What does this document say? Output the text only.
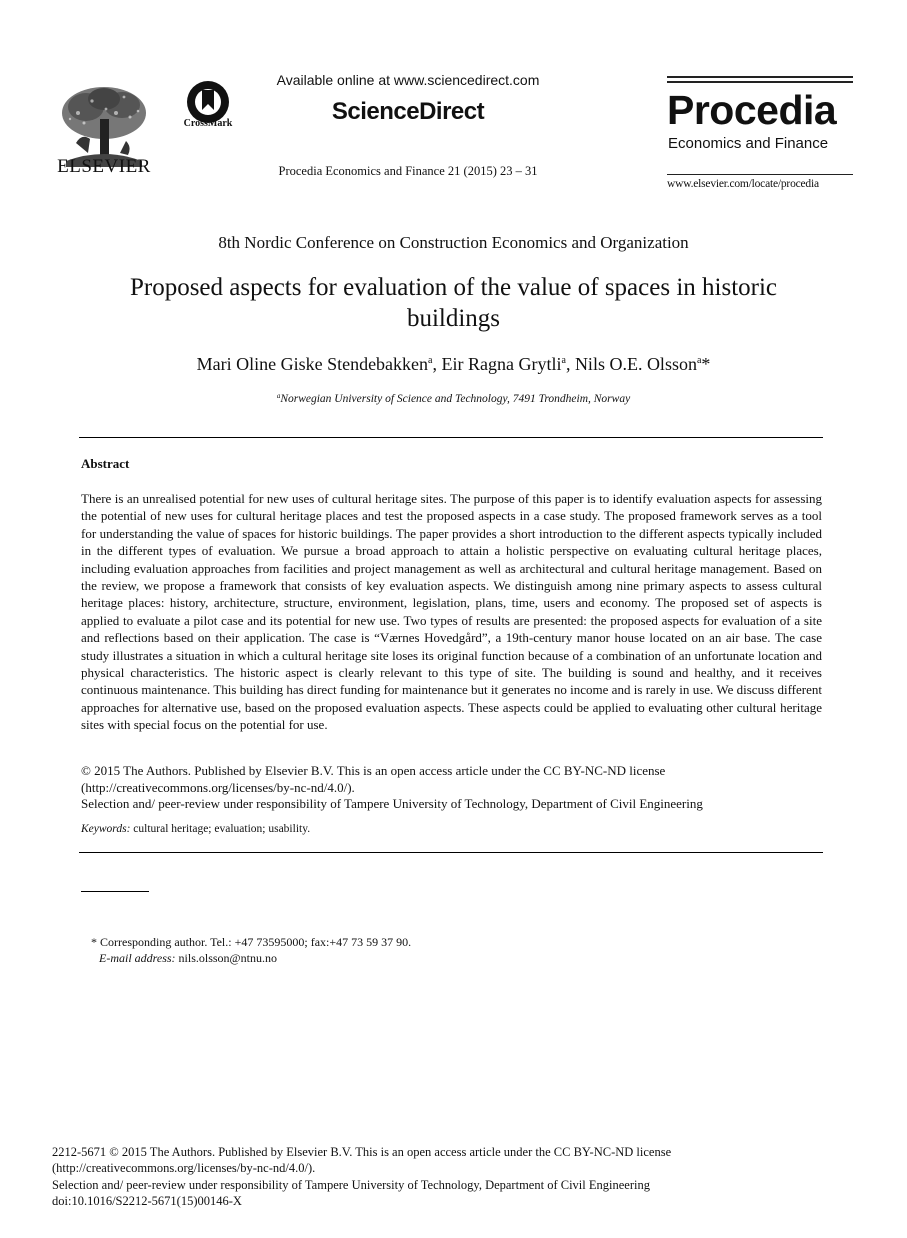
ELSEVIER
CrossMark
Available online at www.sciencedirect.com
ScienceDirect
Procedia Economics and Finance 21 (2015) 23 – 31
Procedia
Economics and Finance
www.elsevier.com/locate/procedia
8th Nordic Conference on Construction Economics and Organization
Proposed aspects for evaluation of the value of spaces in historic
buildings
Mari Oline Giske Stendebakken$^a$, Eir Ragna Grytli$^a$, Nils O.E. Olsson$^a$*
$^a$Norwegian University of Science and Technology, 7491 Trondheim, Norway
Abstract
There is an unrealised potential for new uses of cultural heritage sites. The purpose of this paper is to identify evaluation aspects for assessing the potential of new uses for cultural heritage places and test the proposed aspects in a case study. The proposed framework serves as a tool for understanding the value of spaces for historic buildings. The paper provides a short introduction to the different aspects typically included in the different types of evaluation. We pursue a broad approach to attain a holistic perspective on evaluating cultural heritage places, including evaluation approaches from facilities and project management as well as architectural and cultural heritage management. Based on the review, we propose a framework that consists of key evaluation aspects. We distinguish among nine primary aspects to assess cultural heritage places: history, architecture, structure, environment, legislation, plans, time, users and economy. The proposed set of aspects is applied to evaluate a pilot case and its potential for new use. Two types of results are presented: the proposed aspects for evaluation of a site and reflections based on their application. The case is “Værnes Hovedgård”, a 19th-century manor house located on an air base. The case study illustrates a situation in which a cultural heritage site loses its original function because of a combination of an unfortunate location and physical characteristics. The historic aspect is clearly relevant to this type of site. The building is sound and healthy, and it receives continuous maintenance. This building has direct funding for maintenance but it generates no income and is rarely in use. We discuss different approaches for alternative use, based on the proposed evaluation aspects. These aspects could be applied to evaluating other cultural heritage sites with special focus on the potential for use.
© 2015 The Authors. Published by Elsevier B.V. This is an open access article under the CC BY-NC-ND license
(http://creativecommons.org/licenses/by-nc-nd/4.0/).
Selection and/ peer-review under responsibility of Tampere University of Technology, Department of Civil Engineering
Keywords: cultural heritage; evaluation; usability.
* Corresponding author. Tel.: +47 73595000; fax:+47 73 59 37 90.
E-mail address: nils.olsson@ntnu.no
2212-5671 © 2015 The Authors. Published by Elsevier B.V. This is an open access article under the CC BY-NC-ND license
(http://creativecommons.org/licenses/by-nc-nd/4.0/).
Selection and/ peer-review under responsibility of Tampere University of Technology, Department of Civil Engineering
doi:10.1016/S2212-5671(15)00146-X
